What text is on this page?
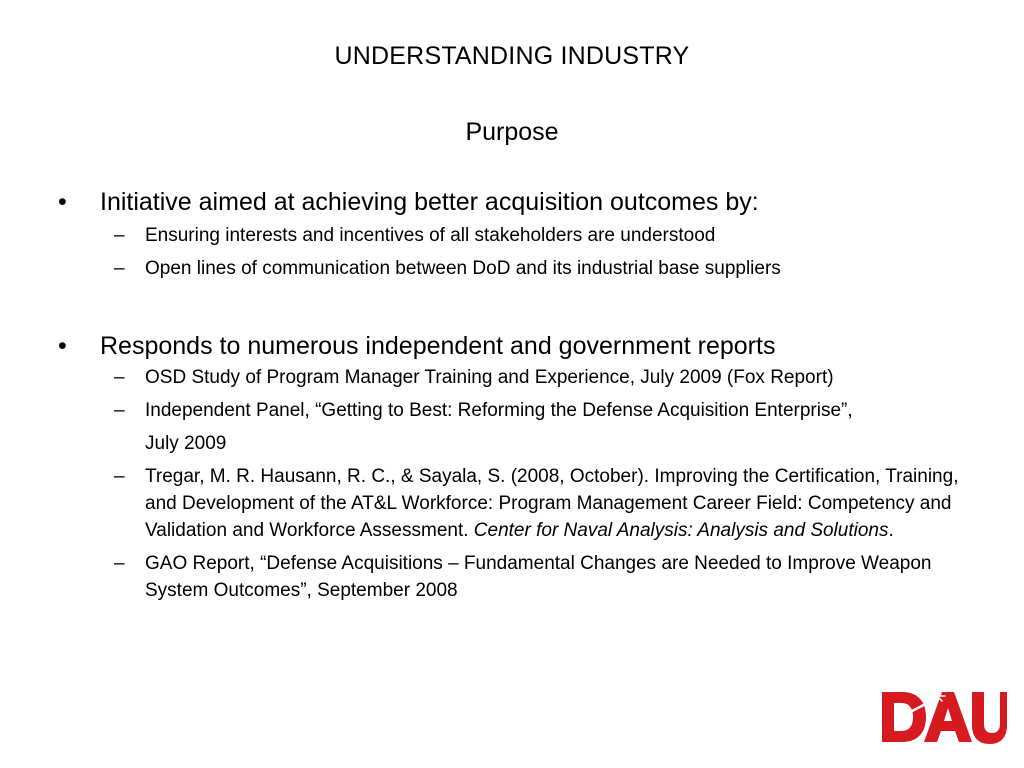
UNDERSTANDING INDUSTRY
Purpose
•	Initiative aimed at achieving better acquisition outcomes by:
– Ensuring interests and incentives of all stakeholders are understood
– Open lines of communication between DoD and its industrial base suppliers
•	Responds to numerous independent and government reports
– OSD Study of Program Manager Training and Experience, July 2009 (Fox Report)
– Independent Panel, “Getting to Best: Reforming the Defense Acquisition Enterprise”,
July 2009
– Tregar, M. R. Hausann, R. C., & Sayala, S. (2008, October). Improving the Certification, Training, and Development of the AT&L Workforce: Program Management Career Field: Competency and Validation and Workforce Assessment. Center for Naval Analysis: Analysis and Solutions.
– GAO Report, “Defense Acquisitions – Fundamental Changes are Needed to Improve Weapon System Outcomes”, September 2008
